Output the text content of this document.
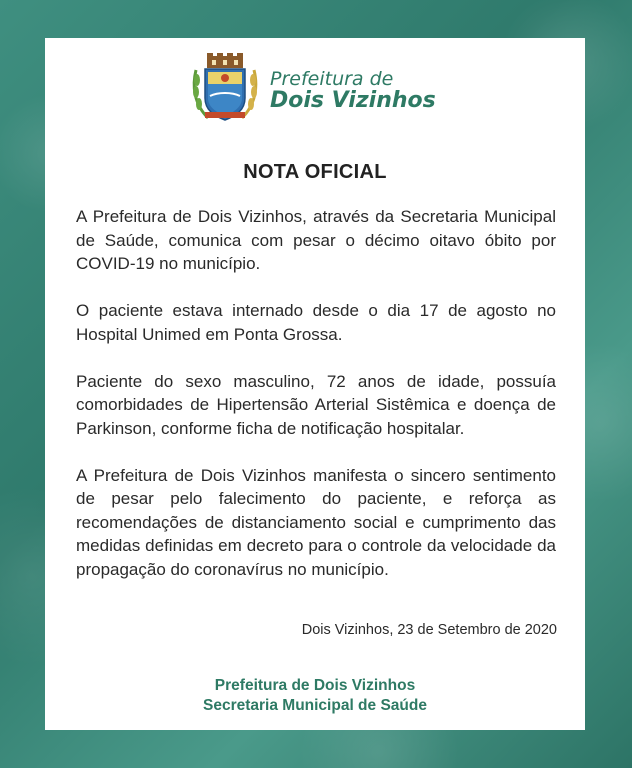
Prefeitura de
Dois Vizinhos
NOTA OFICIAL

A Prefeitura de Dois Vizinhos, através da Secretaria Municipal de Saúde, comunica com pesar o décimo oitavo óbito por COVID-19 no município.

O paciente estava internado desde o dia 17 de agosto no Hospital Unimed em Ponta Grossa.

Paciente do sexo masculino, 72 anos de idade, possuía comorbidades de Hipertensão Arterial Sistêmica e doença de Parkinson, conforme ficha de notificação hospitalar.

A Prefeitura de Dois Vizinhos manifesta o sincero sentimento de pesar pelo falecimento do paciente, e reforça as recomendações de distanciamento social e cumprimento das medidas definidas em decreto para o controle da velocidade da propagação do coronavírus no município.

Dois Vizinhos, 23 de Setembro de 2020
Prefeitura de Dois Vizinhos
Secretaria Municipal de Saúde
